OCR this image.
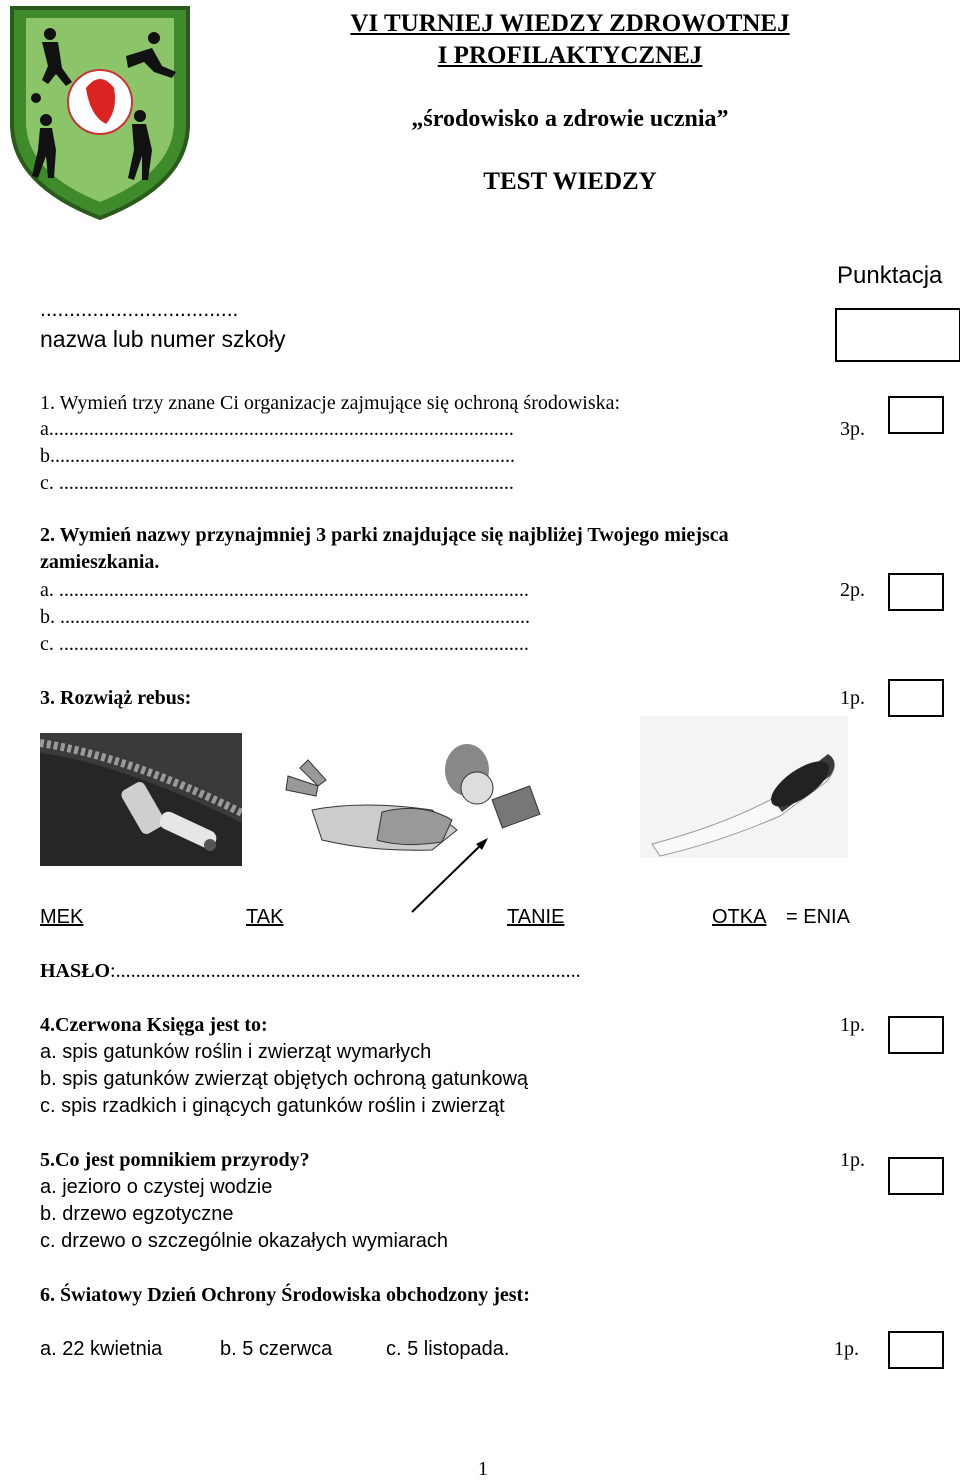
VI TURNIEJ WIEDZY ZDROWOTNEJ
I PROFILAKTYCZNEJ
„środowisko a zdrowie ucznia”
TEST WIEDZY
Punktacja
..................................
nazwa lub numer szkoły
1. Wymień trzy znane Ci organizacje zajmujące się ochroną środowiska:
a.............................................................................................
b.............................................................................................
c. ...........................................................................................
3p.
2. Wymień nazwy przynajmniej 3 parki znajdujące się najbliżej Twojego miejsca
zamieszkania.
a. ..............................................................................................
b. ..............................................................................................
c. ..............................................................................................
2p.
3. Rozwiąż rebus:	1p.
MEK	TAK	TANIE	OTKA = ENIA
HASŁO:.............................................................................................
4.Czerwona Księga jest to:	1p.
a. spis gatunków roślin i zwierząt wymarłych
b. spis gatunków zwierząt objętych ochroną gatunkową
c. spis rzadkich i ginących gatunków roślin i zwierząt
5.Co jest pomnikiem przyrody?	1p.
a. jezioro o czystej wodzie
b. drzewo egzotyczne
c. drzewo o szczególnie okazałych wymiarach
6. Światowy Dzień Ochrony Środowiska obchodzony jest:
a. 22 kwietnia	b. 5 czerwca	c. 5 listopada.	1p.
1
